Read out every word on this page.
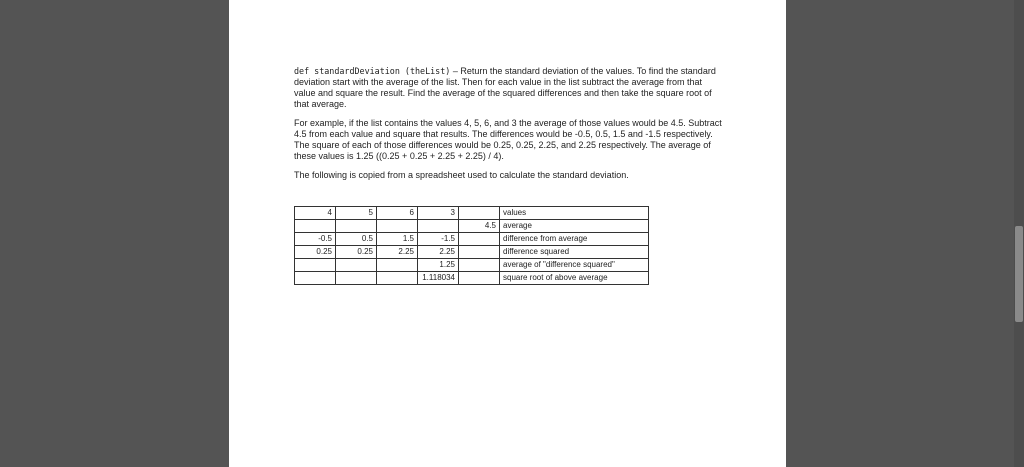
def standardDeviation (theList) – Return the standard deviation of the values. To find the standard deviation start with the average of the list. Then for each value in the list subtract the average from that value and square the result. Find the average of the squared differences and then take the square root of that average.

For example, if the list contains the values 4, 5, 6, and 3 the average of those values would be 4.5. Subtract 4.5 from each value and square that results. The differences would be -0.5, 0.5, 1.5 and -1.5 respectively. The square of each of those differences would be 0.25, 0.25, 2.25, and 2.25 respectively. The average of these values is 1.25 ((0.25 + 0.25 + 2.25 + 2.25) / 4).

The following is copied from a spreadsheet used to calculate the standard deviation.

4	5	6	3		values
				4.5	average
-0.5	0.5	1.5	-1.5		difference from average
0.25	0.25	2.25	2.25		difference squared
			1.25		average of "difference squared"
			1.118034		square root of above average
